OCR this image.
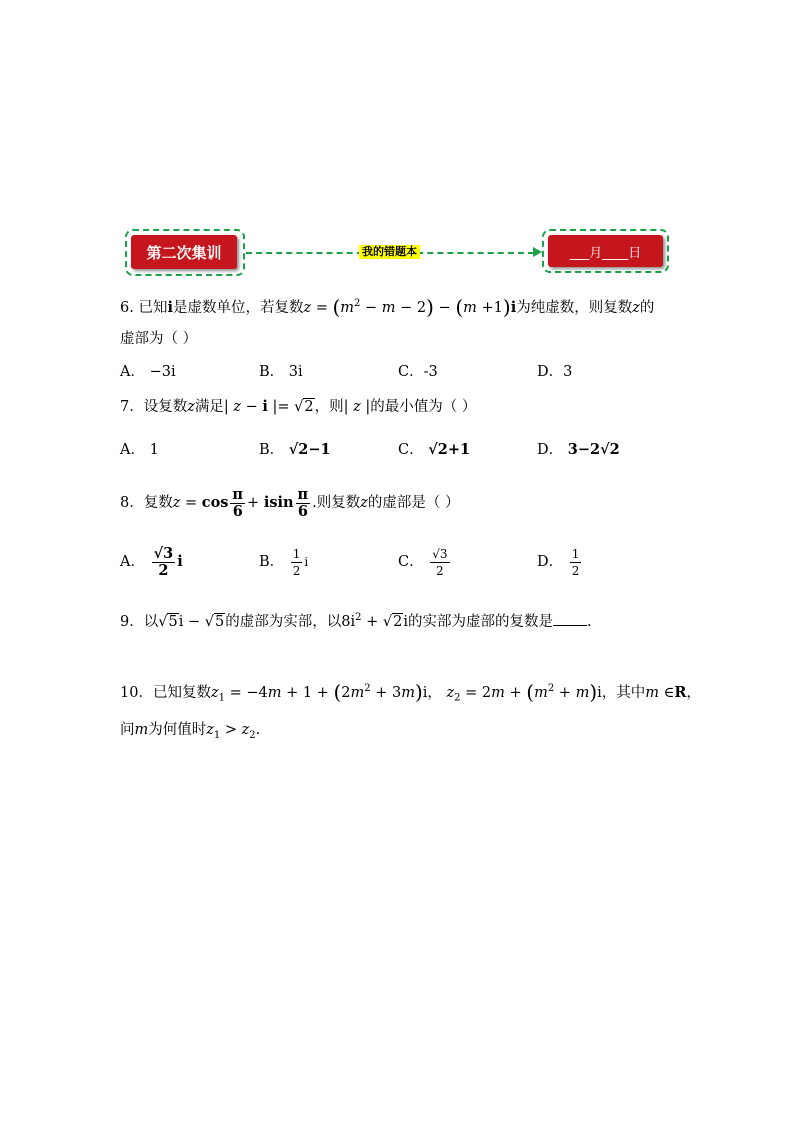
第二次集训	我的错题本	___月____日
6. 已知i是虚数单位，若复数$z = (m^2 - m - 2) - (m +1)i$为纯虚数，则复数z的
虚部为（ ）
A． −3i	B． 3i	C．-3	D．3
7．设复数z满足| z − i |= √2，则| z |的最小值为（ ）
A． 1	B． √2−1	C． √2+1	D． 3−2√2
8．复数$z = \cos \frac{\pi}{6} + isin \frac{\pi}{6}$ .则复数z的虚部是（ ）
A． $\frac{√3}{2}$ i	B． $\frac{1}{2}$ i	C． $\frac{√3}{2}$	D． $\frac{1}{2}$
9．以√5i − √5的虚部为实部，以$8i^2 + √2i$的实部为虚部的复数是 .
10．已知复数$z_1 = -4m + 1 + (2m^2 + 3m)i$， $z_2 = 2m + (m^2 + m)i$，其中m ∈R，
问m为何值时$z_1 > z_2$.
